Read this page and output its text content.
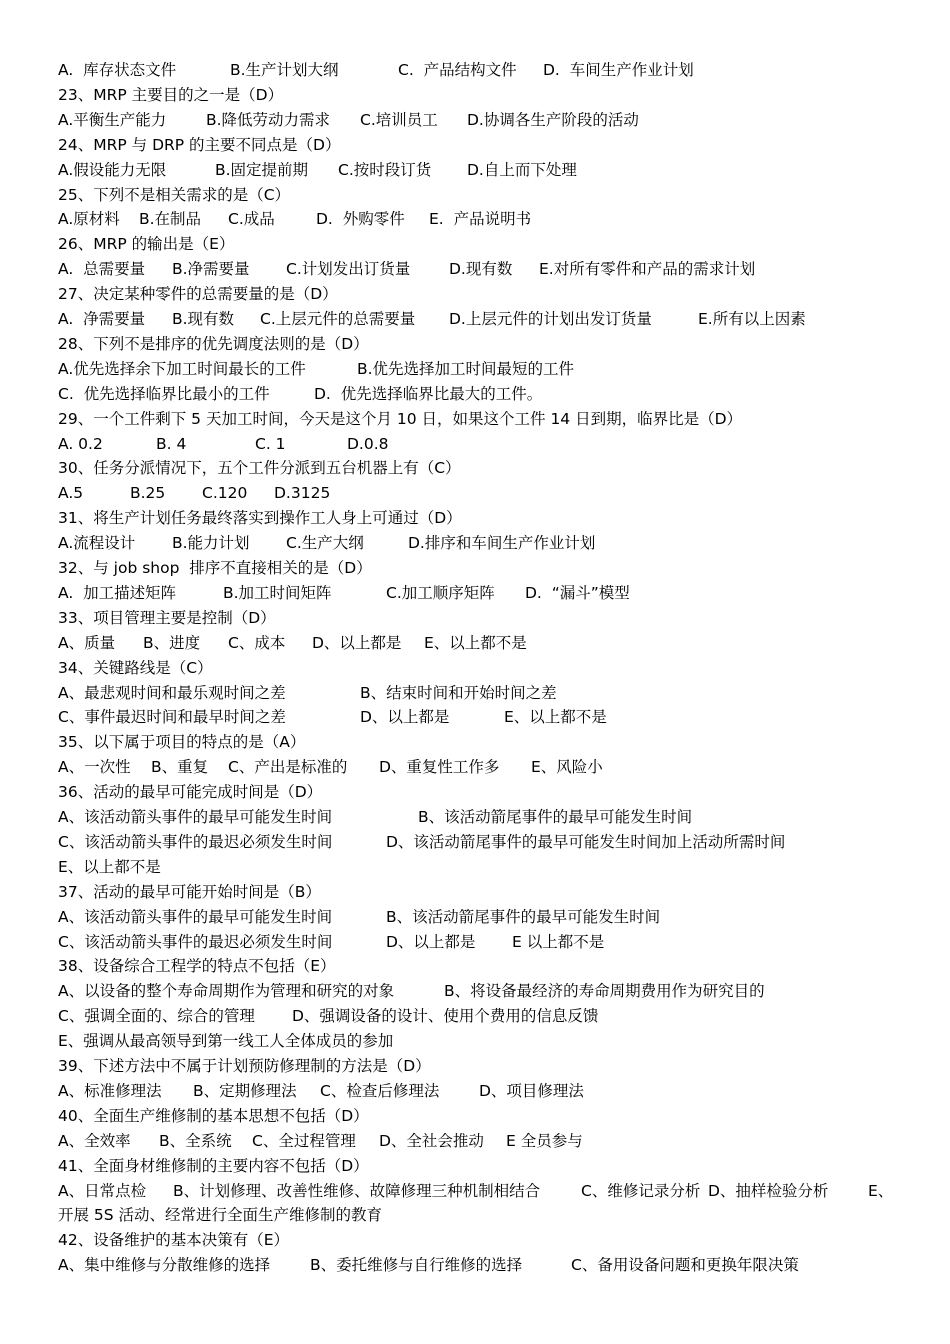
A.  库存状态文件	B.生产计划大纲	C.  产品结构文件 D.  车间生产作业计划
23、MRP 主要目的之一是（D）
A.平衡生产能力	B.降低劳动力需求 C.培训员工 D.协调各生产阶段的活动
24、MRP 与 DRP 的主要不同点是（D）
A.假设能力无限	B.固定提前期 C.按时段订货 D.自上而下处理
25、下列不是相关需求的是（C）
A.原材料 B.在制品 C.成品	D.  外购零件 E.  产品说明书
26、MRP 的输出是（E）
A.  总需要量 B.净需要量 C.计划发出订货量 D.现有数 E.对所有零件和产品的需求计划
27、决定某种零件的总需要量的是（D）
A.  净需要量 B.现有数 C.上层元件的总需要量 D.上层元件的计划出发订货量	E.所有以上因素
28、下列不是排序的优先调度法则的是（D）
A.优先选择余下加工时间最长的工件	B.优先选择加工时间最短的工件
C.  优先选择临界比最小的工件	D.  优先选择临界比最大的工件。
29、一个工件剩下 5 天加工时间，今天是这个月 10 日，如果这个工件 14 日到期，临界比是（D）
A. 0.2	B. 4	C. 1	D.0.8
30、任务分派情况下，五个工件分派到五台机器上有（C）
A.5	B.25 C.120 D.3125
31、将生产计划任务最终落实到操作工人身上可通过（D）
A.流程设计 B.能力计划 C.生产大纲	D.排序和车间生产作业计划
32、与 job shop  排序不直接相关的是（D）
A.  加工描述矩阵	B.加工时间矩阵	C.加工顺序矩阵 D.  “漏斗”模型
33、项目管理主要是控制（D）
A、质量 B、进度 C、成本 D、以上都是 E、以上都不是
34、关键路线是（C）
A、最悲观时间和最乐观时间之差	B、结束时间和开始时间之差
C、事件最迟时间和最早时间之差	D、以上都是	E、以上都不是
35、以下属于项目的特点的是（A）
A、一次性 B、重复 C、产出是标准的 D、重复性工作多 E、风险小
36、活动的最早可能完成时间是（D）
A、该活动箭头事件的最早可能发生时间	B、该活动箭尾事件的最早可能发生时间
C、该活动箭头事件的最迟必须发生时间	D、该活动箭尾事件的最早可能发生时间加上活动所需时间
E、以上都不是
37、活动的最早可能开始时间是（B）
A、该活动箭头事件的最早可能发生时间	B、该活动箭尾事件的最早可能发生时间
C、该活动箭头事件的最迟必须发生时间	D、以上都是 E 以上都不是
38、设备综合工程学的特点不包括（E）
A、以设备的整个寿命周期作为管理和研究的对象	B、将设备最经济的寿命周期费用作为研究目的
C、强调全面的、综合的管理 D、强调设备的设计、使用个费用的信息反馈
E、强调从最高领导到第一线工人全体成员的参加
39、下述方法中不属于计划预防修理制的方法是（D）
A、标准修理法 B、定期修理法 C、检查后修理法	D、项目修理法
40、全面生产维修制的基本思想不包括（D）
A、全效率 B、全系统 C、全过程管理 D、全社会推动 E 全员参与
41、全面身材维修制的主要内容不包括（D）
A、日常点检 B、计划修理、改善性维修、故障修理三种机制相结合	C、维修记录分析 D、抽样检验分析	E、
开展 5S 活动、经常进行全面生产维修制的教育
42、设备维护的基本决策有（E）
A、集中维修与分散维修的选择	B、委托维修与自行维修的选择	C、备用设备问题和更换年限决策
